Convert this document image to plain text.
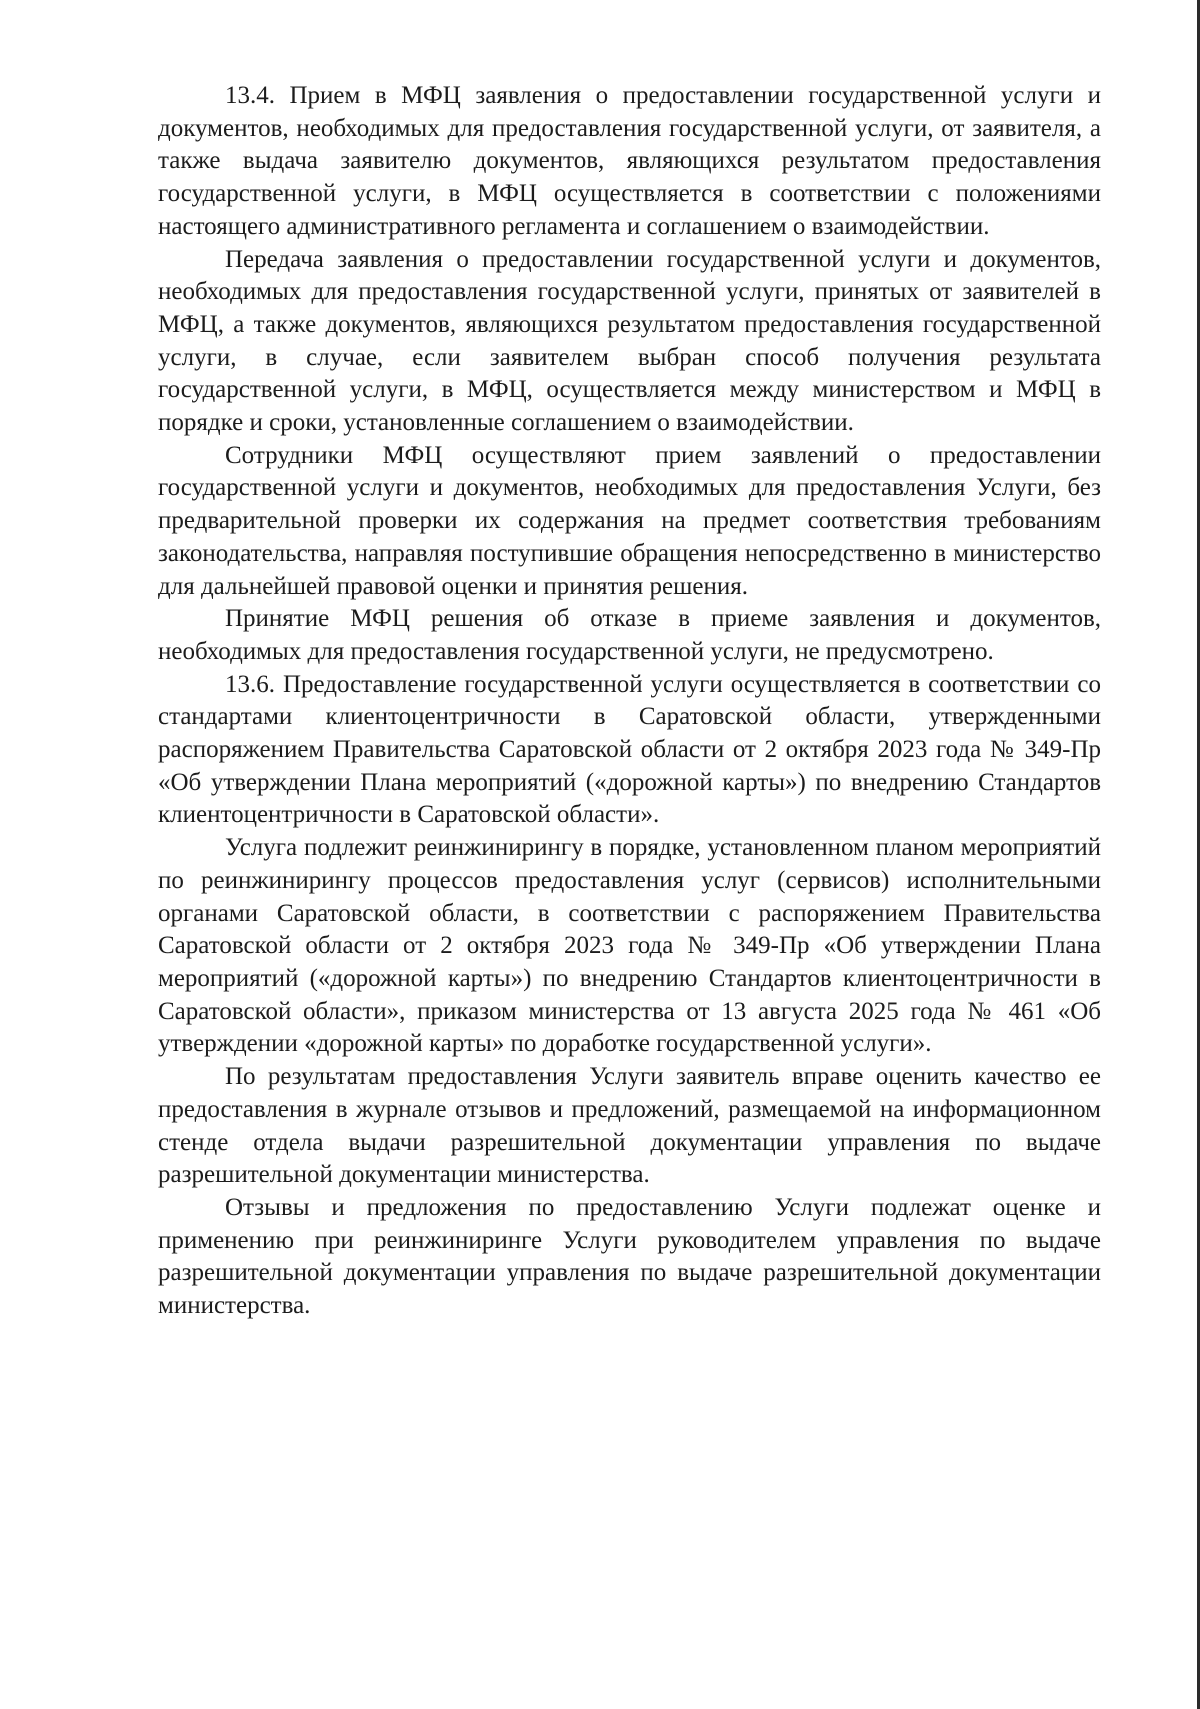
13.4. Прием в МФЦ заявления о предоставлении государственной услуги и документов, необходимых для предоставления государственной услуги, от заявителя, а также выдача заявителю документов, являющихся результатом предоставления государственной услуги, в МФЦ осуществляется в соответствии с положениями настоящего административного регламента и соглашением о взаимодействии.

Передача заявления о предоставлении государственной услуги и документов, необходимых для предоставления государственной услуги, принятых от заявителей в МФЦ, а также документов, являющихся результатом предоставления государственной услуги, в случае, если заявителем выбран способ получения результата государственной услуги, в МФЦ, осуществляется между министерством и МФЦ в порядке и сроки, установленные соглашением о взаимодействии.

Сотрудники МФЦ осуществляют прием заявлений о предоставлении государственной услуги и документов, необходимых для предоставления Услуги, без предварительной проверки их содержания на предмет соответствия требованиям законодательства, направляя поступившие обращения непосредственно в министерство для дальнейшей правовой оценки и принятия решения.

Принятие МФЦ решения об отказе в приеме заявления и документов, необходимых для предоставления государственной услуги, не предусмотрено.

13.6. Предоставление государственной услуги осуществляется в соответствии со стандартами клиентоцентричности в Саратовской области, утвержденными распоряжением Правительства Саратовской области от 2 октября 2023 года № 349-Пр «Об утверждении Плана мероприятий («дорожной карты») по внедрению Стандартов клиентоцентричности в Саратовской области».

Услуга подлежит реинжинирингу в порядке, установленном планом мероприятий по реинжинирингу процессов предоставления услуг (сервисов) исполнительными органами Саратовской области, в соответствии с распоряжением Правительства Саратовской области от 2 октября 2023 года № 349-Пр «Об утверждении Плана мероприятий («дорожной карты») по внедрению Стандартов клиентоцентричности в Саратовской области», приказом министерства от 13 августа 2025 года № 461 «Об утверждении «дорожной карты» по доработке государственной услуги».

По результатам предоставления Услуги заявитель вправе оценить качество ее предоставления в журнале отзывов и предложений, размещаемой на информационном стенде отдела выдачи разрешительной документации управления по выдаче разрешительной документации министерства.

Отзывы и предложения по предоставлению Услуги подлежат оценке и применению при реинжиниринге Услуги руководителем управления по выдаче разрешительной документации управления по выдаче разрешительной документации министерства.
